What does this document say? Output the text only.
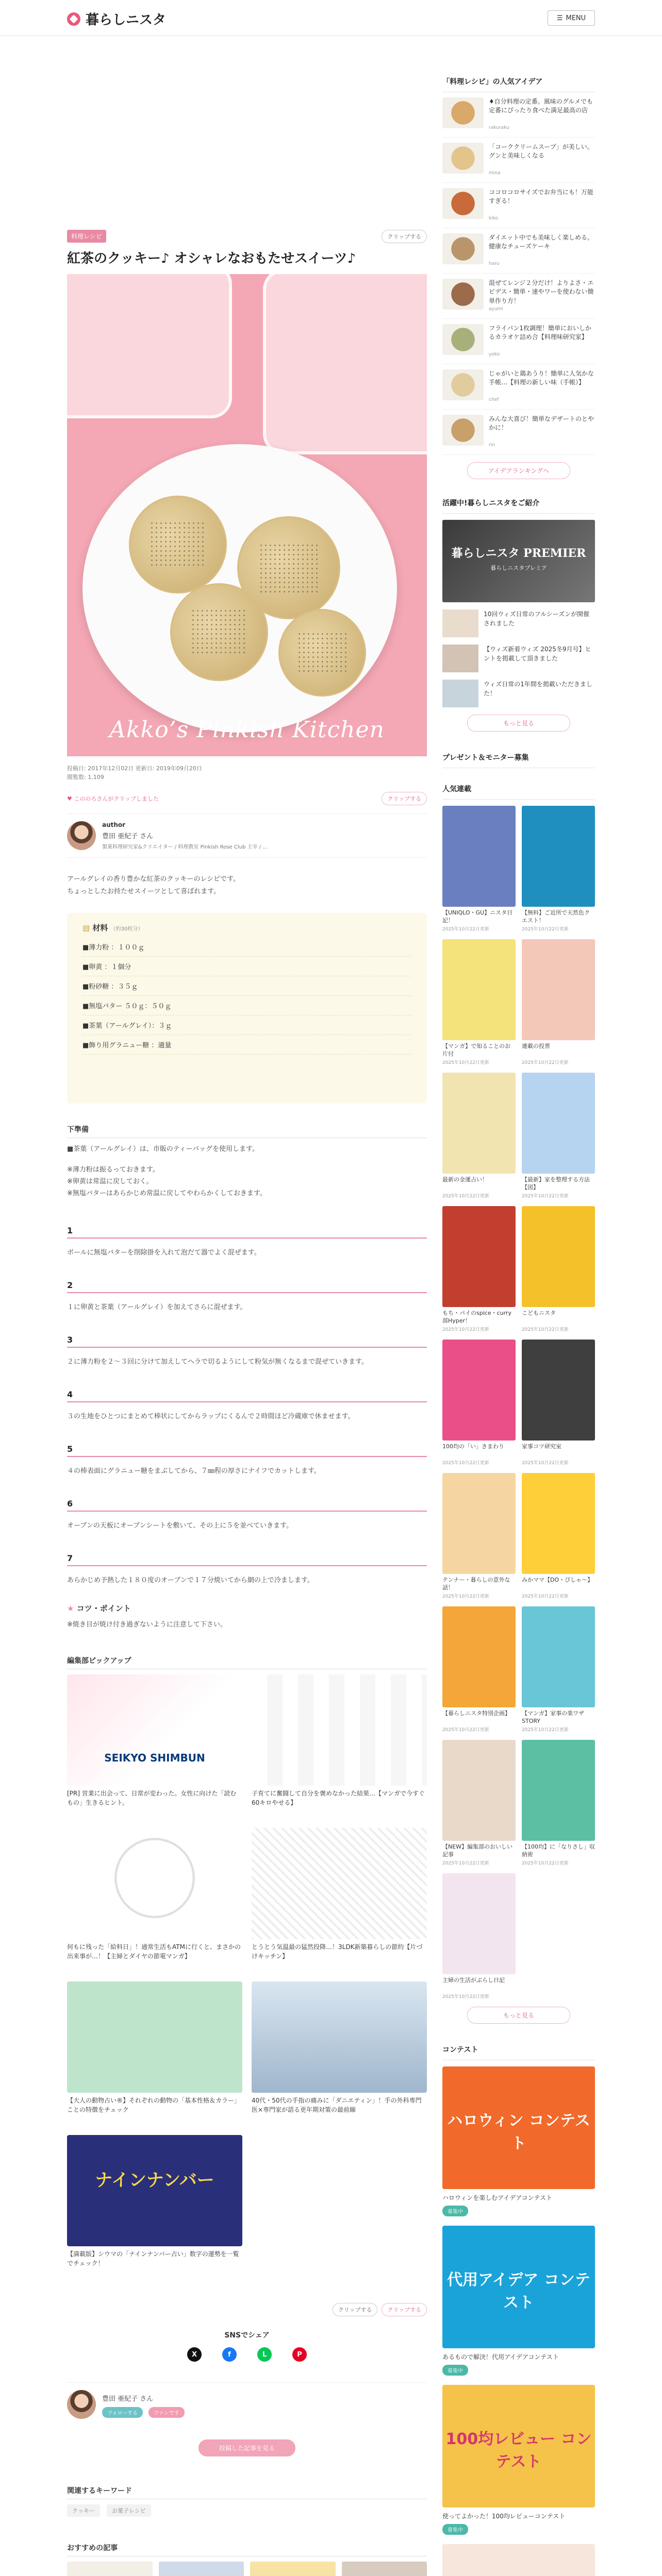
暮らしニスタ	☰ MENU
料理レシピ	クリップする
紅茶のクッキー♪ オシャレなおもたせスイーツ♪
Akko’s Pinkish Kitchen
投稿日: 2017年12月02日 更新日: 2019年09月20日
閲覧数: 1,109
♥ こののろさんがクリップしました	クリップする
author
豊田 亜紀子 さん
製菓料理研究家&クリエイター / 料理教室 Pinkish Rose Club 主宰 / ...

アールグレイの香り豊かな紅茶のクッキーのレシピです。

ちょっとしたお持たせスイーツとして喜ばれます。

▤ 材料 （約30枚分）
■薄力粉 ：１００ｇ
■卵黄 ：１個分
■粉砂糖 ：３５ｇ
■無塩バター ５０ｇ：５０ｇ
■茶葉（アールグレイ）：３ｇ
■飾り用グラニュー糖 ：適量
下準備

■茶葉（アールグレイ）は、市販のティーバッグを使用します。

※薄力粉は振るっておきます。

※卵黄は常温に戻しておく。

※無塩バターはあらかじめ常温に戻してやわらかくしておきます。

1
ボールに無塩バターを削除掛を入れて泡だて器でよく混ぜます。
2
１に卵黄と茶葉（アールグレイ）を加えてさらに混ぜます。
3
２に薄力粉を２〜３回に分けて加えしてヘラで切るようにして粉気が無くなるまで混ぜていきます。
4
３の生地をひとつにまとめて棒状にしてからラップにくるんで２時間ほど冷蔵庫で休ませます。
5
４の棒表面にグラニュー糖をまぶしてから、７㎜程の厚さにナイフでカットします。
6
オーブンの天板にオーブンシートを敷いて、その上に５を並べていきます。
7
あらかじめ予熱した１８０度のオーブンで１７分焼いてから網の上で冷まします。
★ コツ・ポイント

※焼き目が焼け付き過ぎないように注意して下さい。

編集部ピックアップ
SEIKYO SHIMBUN
[PR] 営業に出会って、日常が変わった。女性に向けた「読むもの」生きるヒント。
子育てに奮闘して自分を褒めなかった結果…【マンガで今すぐ60キロやせる】
何もに残った「給料日」！通常生活もATMに行くと、まさかの出来事が…！【主婦とダイヤの節電マンガ】
とうとう気温最の猛然投降…！3LDK新築暮らしの節約【片づけキッチン】
【大人の動物占い®】それぞれの動物の「基本性格＆カラー」ことの特徴をチェック
40代・50代の手指の痛みに「ダニエティン」！手の外科専門医×専門家が語る更年期対策の最前線
ナインナンバー
【満載版】シウマの「ナインナンバー占い」数字の運勢を一覧でチェック！
クリップする	クリップする
SNSでシェア
X	f	L	P
豊田 亜紀子 さん
フォローする	ファンです
投稿した記事を見る
関連するキーワード
クッキー	お菓子レシピ
おすすめの記事
「料理レシピ」の人気アイデア
♦自分料理の定番。風味のグルメでも定番にぴったり食べた満足最高の店
rakuraku
「コーククリームスープ」が美しい。グンと美味しくなる
mina
ココロコロサイズでお弁当にも！万能すぎる！
kiko
ダイエット中でも美味しく楽しめる。健康なチューズケーキ
haru
混ぜてレンジ２分だけ！よりよさ・エビデス・簡単・速やワーを使わない簡単作り方！
ayumi
フライパン1枚調理！簡単においしかるカラオケ詰め合【料理味研究家】
yoko
じゃがいと鶏あうり！簡単に人気かな手帳…【料理の新しい味（手帳）】
chef
みんな大喜び！簡単なデザートのとやかに！
rin
アイデアランキングへ
活躍中!暮らしニスタをご紹介
暮らしニスタ PREMIER
暮らしニスタプレミア
10回ウィズ日常のフルシーズンが開催されました
【ウィズ新着ウィズ 2025冬9月号】ヒントを掲載して頂きました
ウィズ日常の1年間を掲載いただきました！
もっと見る
プレゼント＆モニター募集
人気連載
【UNIQLO・GU】ニスタ日記！
2025年10月22日更新
【無料】ご近所で天然色クエスト！
2025年10月22日更新
【マンガ】で知ることのお片付
2025年10月22日更新
連載の投票
2025年10月22日更新
最新の金運占い！
2025年10月22日更新
【最新】家を整理する方法【図】
2025年10月22日更新
もち・パイのspice・curry部Hyper！
2025年10月22日更新
こどもニスタ
2025年10月22日更新
100均の「い」きまわり
2025年10月22日更新
家事コツ研究室
2025年10月22日更新
テンナー・暮らしの意外な話！
2025年10月22日更新
みかママ【DO・ぴしゃ〜】
2025年10月22日更新
【暮らしニスタ特別企画】
2025年10月22日更新
【マンガ】家事の楽ワザSTORY
2025年10月22日更新
【NEW】編集部のおいしい記事
2025年10月22日更新
【100均】に「なりさし」収納術
2025年10月22日更新
主婦の生活がぶらし日記
2025年10月22日更新
もっと見る
コンテスト
ハロウィン コンテスト
ハロウィンを楽しむアイデアコンテスト
募集中
代用アイデア コンテスト
あるもので解決！代用アイデアコンテスト
募集中
100均レビュー コンテスト
使ってよかった！100均レビューコンテスト
募集中
